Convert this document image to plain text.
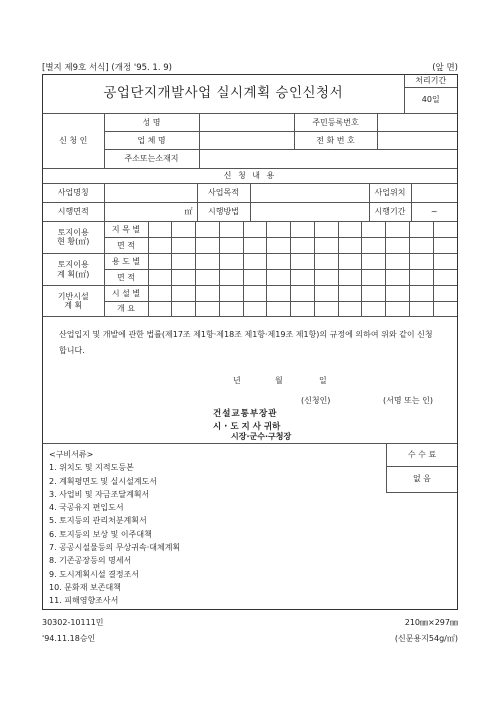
[별지 제9호 서식] (개정 '95. 1. 9)	(앞 면)
공업단지개발사업 실시계획 승인신청서	처리기간
40일
신 청 인	성 명		주민등록번호	
	업 체 명		전 화 번 호	
	주소또는소재지			
신 청 내 용					
사업명칭		사업목적		사업위치	
시행면적	㎡	시행방법		시행기간	~
토지이용
현 황(㎡)	지 목 별													
	면 적													
토지이용
계 획(㎡)	용 도 별													
	면 적													
기반시설
계 획	시 설 별													
	개 요													
산업입지 및 개발에 관한 법률(제17조 제1항·제18조 제1항·제19조 제1항)의 규정에 의하여 위와 같이 신청합니다.
년	월	일
(신청인)	(서명 또는 인)
건설교통부장관
시 · 도 지 사 귀하
시장·군수·구청장
<구비서류>
1. 위치도 및 지적도등본
2. 계획평면도 및 실시설계도서
3. 사업비 및 자금조달계획서
4. 국공유지 편입도서
5. 토지등의 관리처분계획서
6. 토지등의 보상 및 이주대책
7. 공공시설물등의 무상귀속·대체계획
8. 기존공장등의 명세서
9. 도시계획시설 결정조서
10. 문화재 보존대책
11. 피해영향조사서
수 수 료
없 음
30302-10111민	210㎜×297㎜
'94.11.18승인	(신문용지54g/㎡)
